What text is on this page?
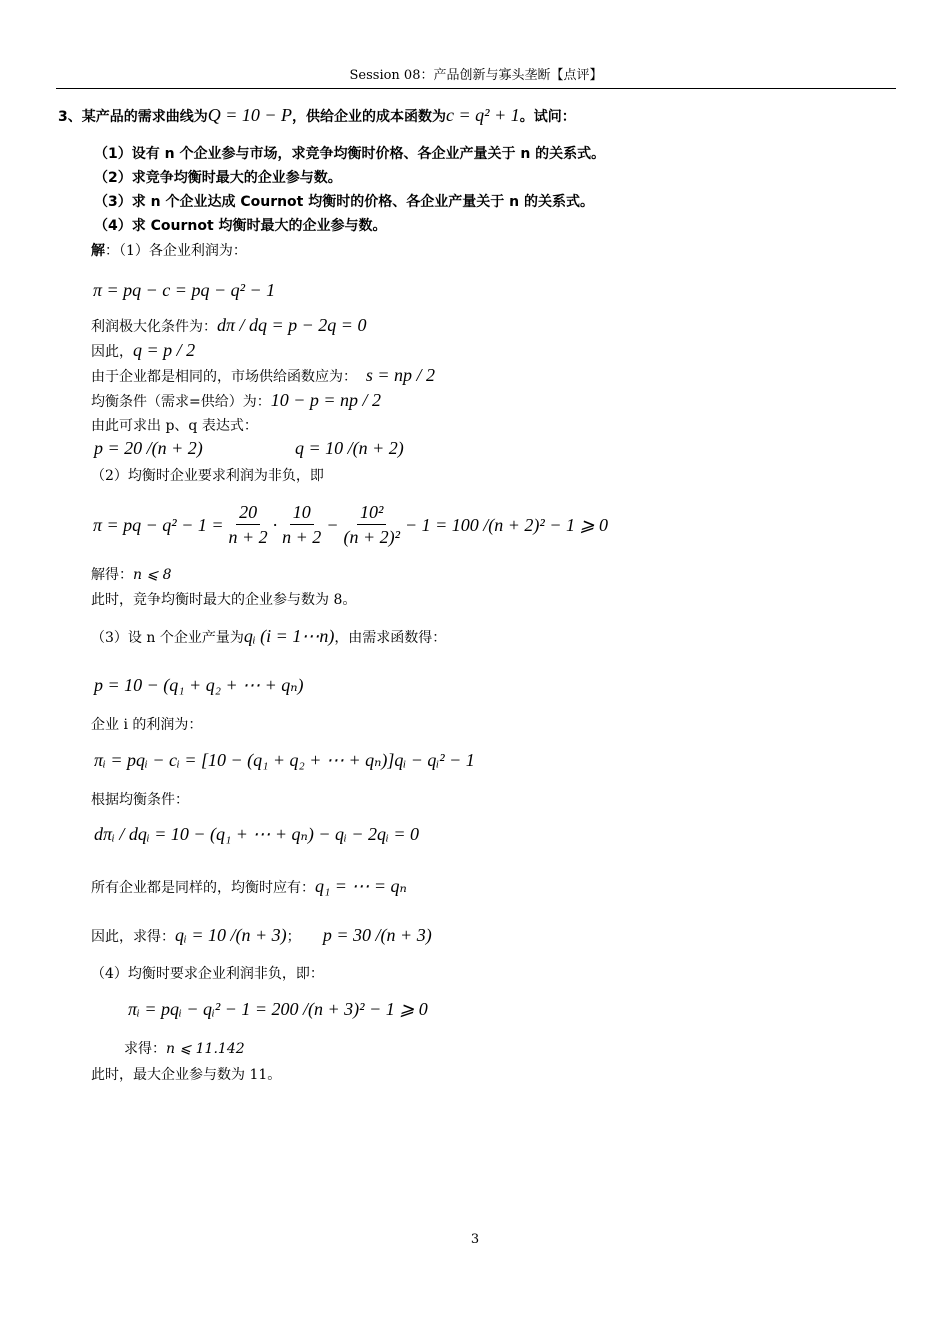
Session 08：产品创新与寡头垄断【点评】
3、某产品的需求曲线为Q = 10 − P，供给企业的成本函数为c = q² + 1。试问：
（1）设有 n 个企业参与市场，求竞争均衡时价格、各企业产量关于 n 的关系式。
（2）求竞争均衡时最大的企业参与数。
（3）求 n 个企业达成 Cournot 均衡时的价格、各企业产量关于 n 的关系式。
（4）求 Cournot 均衡时最大的企业参与数。
解：（1）各企业利润为：
π = pq − c = pq − q² − 1
利润极大化条件为：dπ / dq = p − 2q = 0
因此，q = p / 2
由于企业都是相同的，市场供给函数应为： s = np / 2
均衡条件（需求=供给）为：10 − p = np / 2
由此可求出 p、q 表达式：
p = 20 /(n + 2)	q = 10 /(n + 2)
（2）均衡时企业要求利润为非负，即
π = pq − $q^2 - 1 = \frac{20}{n + 2} \cdot \frac{10}{n + 2} - \frac{\text{10²}}{\text{(n + 2)²}} - 1 = 100$ /(n + 2)² − 1 ⩾ 0
解得：n ⩽ 8
此时，竞争均衡时最大的企业参与数为 8。
（3）设 n 个企业产量为qᵢ (i = 1⋯n)，由需求函数得：
p = 10 − (q₁ + q₂ + ⋯ + qₙ)
企业 i 的利润为：
πᵢ = pqᵢ − cᵢ = [10 − (q₁ + q₂ + ⋯ + qₙ)]qᵢ − qᵢ² − 1
根据均衡条件：
dπᵢ / dqᵢ = 10 − (q₁ + ⋯ + qₙ) − qᵢ − 2qᵢ = 0
所有企业都是同样的，均衡时应有：q₁ = ⋯ = qₙ
因此，求得：qᵢ = 10 /(n + 3)； p = 30 /(n + 3)
（4）均衡时要求企业利润非负，即：
πᵢ = pqᵢ − qᵢ² − 1 = 200 /(n + 3)² − 1 ⩾ 0
求得：n ⩽ 11.142
此时，最大企业参与数为 11。
3
